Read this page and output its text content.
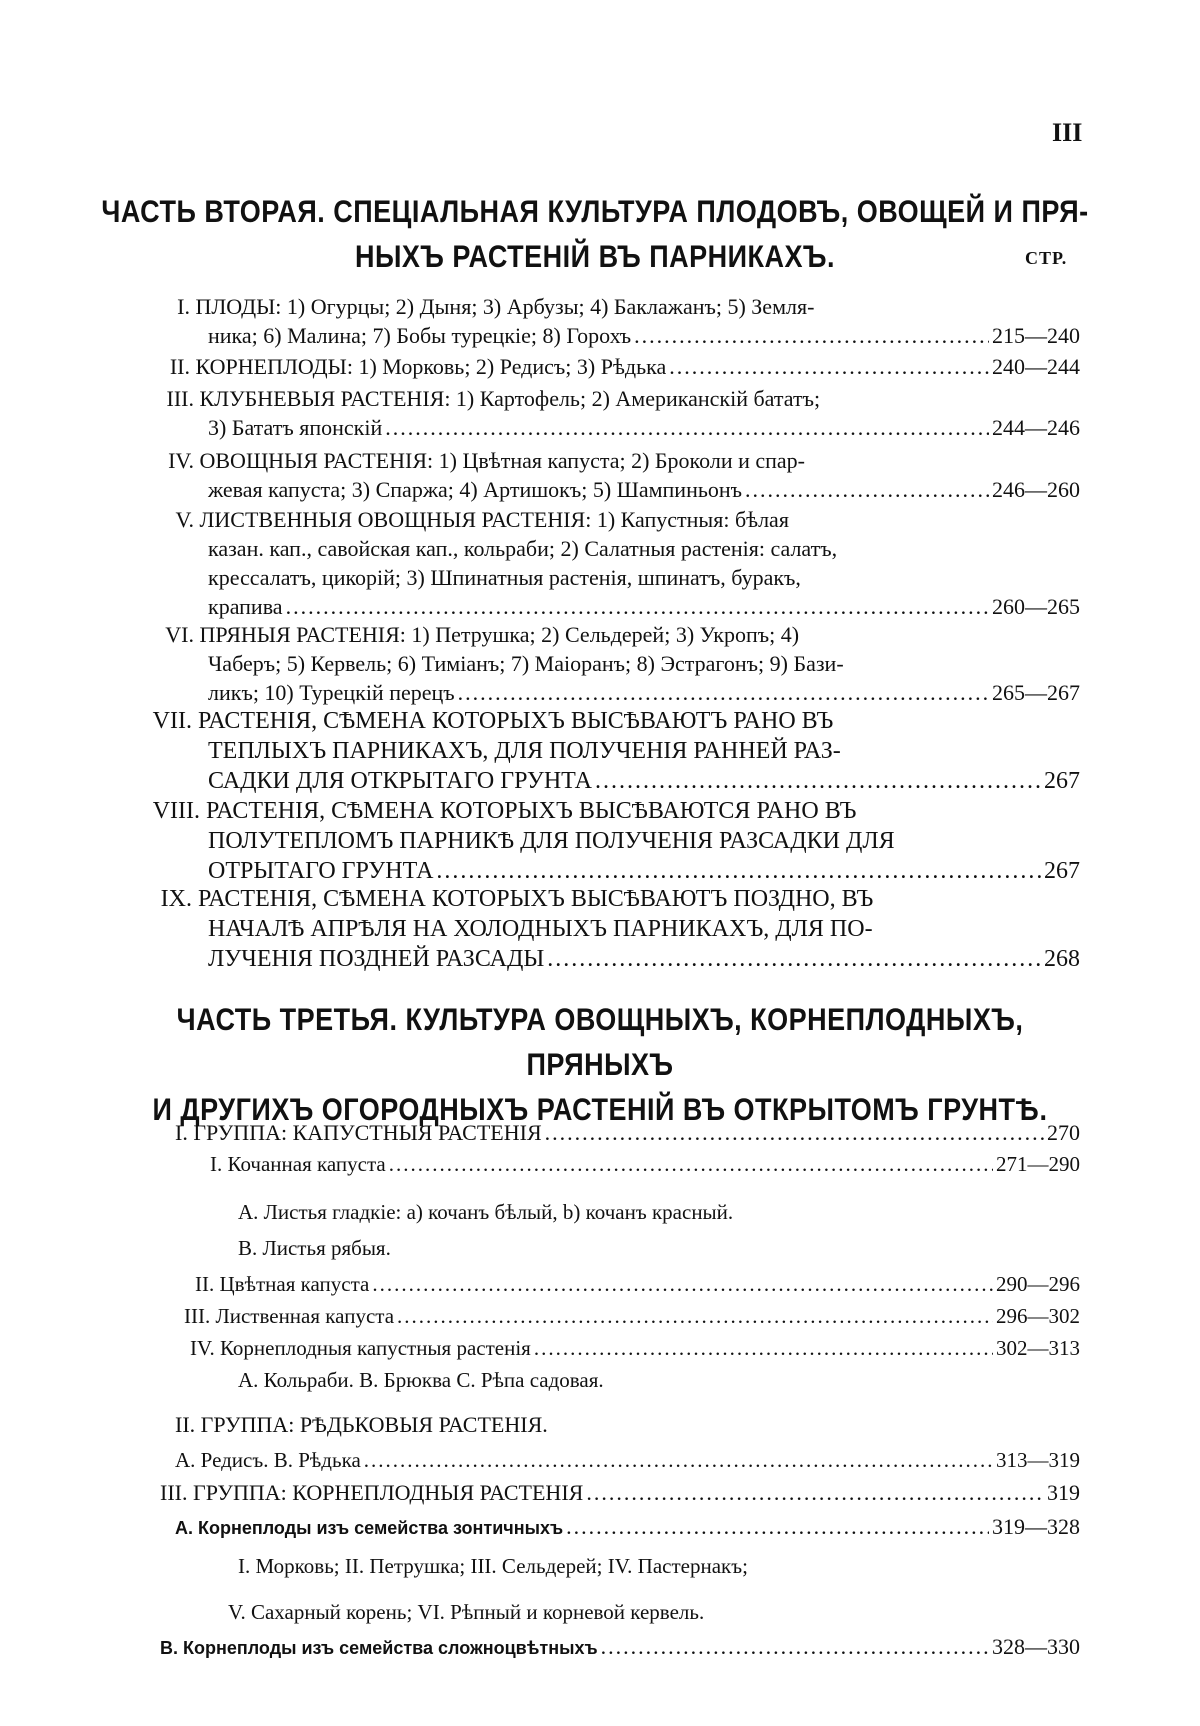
III
ЧАСТЬ ВТОРАЯ. СПЕЦІАЛЬНАЯ КУЛЬТУРА ПЛОДОВЪ, ОВОЩЕЙ И ПРЯ-
НЫХЪ РАСТЕНІЙ ВЪ ПАРНИКАХЪ.	СТР.
I. ПЛОДЫ: 1) Огурцы; 2) Дыня; 3) Арбузы; 4) Баклажанъ; 5) Земля-
ника; 6) Малина; 7) Бобы турецкіе; 8) Горохъ
.....	215—240
II. КОРНЕПЛОДЫ: 1) Морковь; 2) Редисъ; 3) Рѣдька
.....	240—244
III. КЛУБНЕВЫЯ РАСТЕНІЯ: 1) Картофель; 2) Американскій бататъ;
3) Бататъ японскій
.....	244—246
IV. ОВОЩНЫЯ РАСТЕНІЯ: 1) Цвѣтная капуста; 2) Броколи и спар-
жевая капуста; 3) Спаржа; 4) Артишокъ; 5) Шампиньонъ
.....	246—260
V. ЛИСТВЕННЫЯ ОВОЩНЫЯ РАСТЕНІЯ: 1) Капустныя: бѣлая
казан. кап., савойская кап., кольраби; 2) Салатныя растенія: салатъ,
крессалатъ, цикорій; 3) Шпинатныя растенія, шпинатъ, буракъ,
крапива
.....	260—265
VI. ПРЯНЫЯ РАСТЕНІЯ: 1) Петрушка; 2) Сельдерей; 3) Укропъ; 4)
Чаберъ; 5) Кервель; 6) Тиміанъ; 7) Маіоранъ; 8) Эстрагонъ; 9) Бази-
ликъ; 10) Турецкій перецъ
.....	265—267
VII. РАСТЕНІЯ, СѢМЕНА КОТОРЫХЪ ВЫСѢВАЮТЪ РАНО ВЪ
ТЕПЛЫХЪ ПАРНИКАХЪ, ДЛЯ ПОЛУЧЕНІЯ РАННЕЙ РАЗ-
САДКИ ДЛЯ ОТКРЫТАГО ГРУНТА
.....	267
VIII. РАСТЕНІЯ, СѢМЕНА КОТОРЫХЪ ВЫСѢВАЮТСЯ РАНО ВЪ
ПОЛУТЕПЛОМЪ ПАРНИКѢ ДЛЯ ПОЛУЧЕНІЯ РАЗСАДКИ ДЛЯ
ОТРЫТАГО ГРУНТА
.....	267
IX. РАСТЕНІЯ, СѢМЕНА КОТОРЫХЪ ВЫСѢВАЮТЪ ПОЗДНО, ВЪ
НАЧАЛѢ АПРѢЛЯ НА ХОЛОДНЫХЪ ПАРНИКАХЪ, ДЛЯ ПО-
ЛУЧЕНІЯ ПОЗДНЕЙ РАЗСАДЫ
.....	268
ЧАСТЬ ТРЕТЬЯ. КУЛЬТУРА ОВОЩНЫХЪ, КОРНЕПЛОДНЫХЪ, ПРЯНЫХЪ
И ДРУГИХЪ ОГОРОДНЫХЪ РАСТЕНІЙ ВЪ ОТКРЫТОМЪ ГРУНТѢ.
I. ГРУППА: КАПУСТНЫЯ РАСТЕНІЯ
.....	270
I. Кочанная капуста
.....	271—290
А. Листья гладкіе: a) кочанъ бѣлый, b) кочанъ красный.
B. Листья рябыя.
II. Цвѣтная капуста
.....	290—296
III. Лиственная капуста
.....	296—302
IV. Корнеплодныя капустныя растенія
.....	302—313
А. Кольраби. B. Брюква C. Рѣпа садовая.
II. ГРУППА: РѢДЬКОВЫЯ РАСТЕНІЯ.
А. Редисъ. B. Рѣдька
.....	313—319
III. ГРУППА: КОРНЕПЛОДНЫЯ РАСТЕНІЯ
.....	319
А. Корнеплоды изъ семейства зонтичныхъ
.....	319—328
I. Морковь; II. Петрушка; III. Сельдерей; IV. Пастернакъ;
V. Сахарный корень; VI. Рѣпный и корневой кервель.
B. Корнеплоды изъ семейства сложноцвѣтныхъ
.....	328—330
